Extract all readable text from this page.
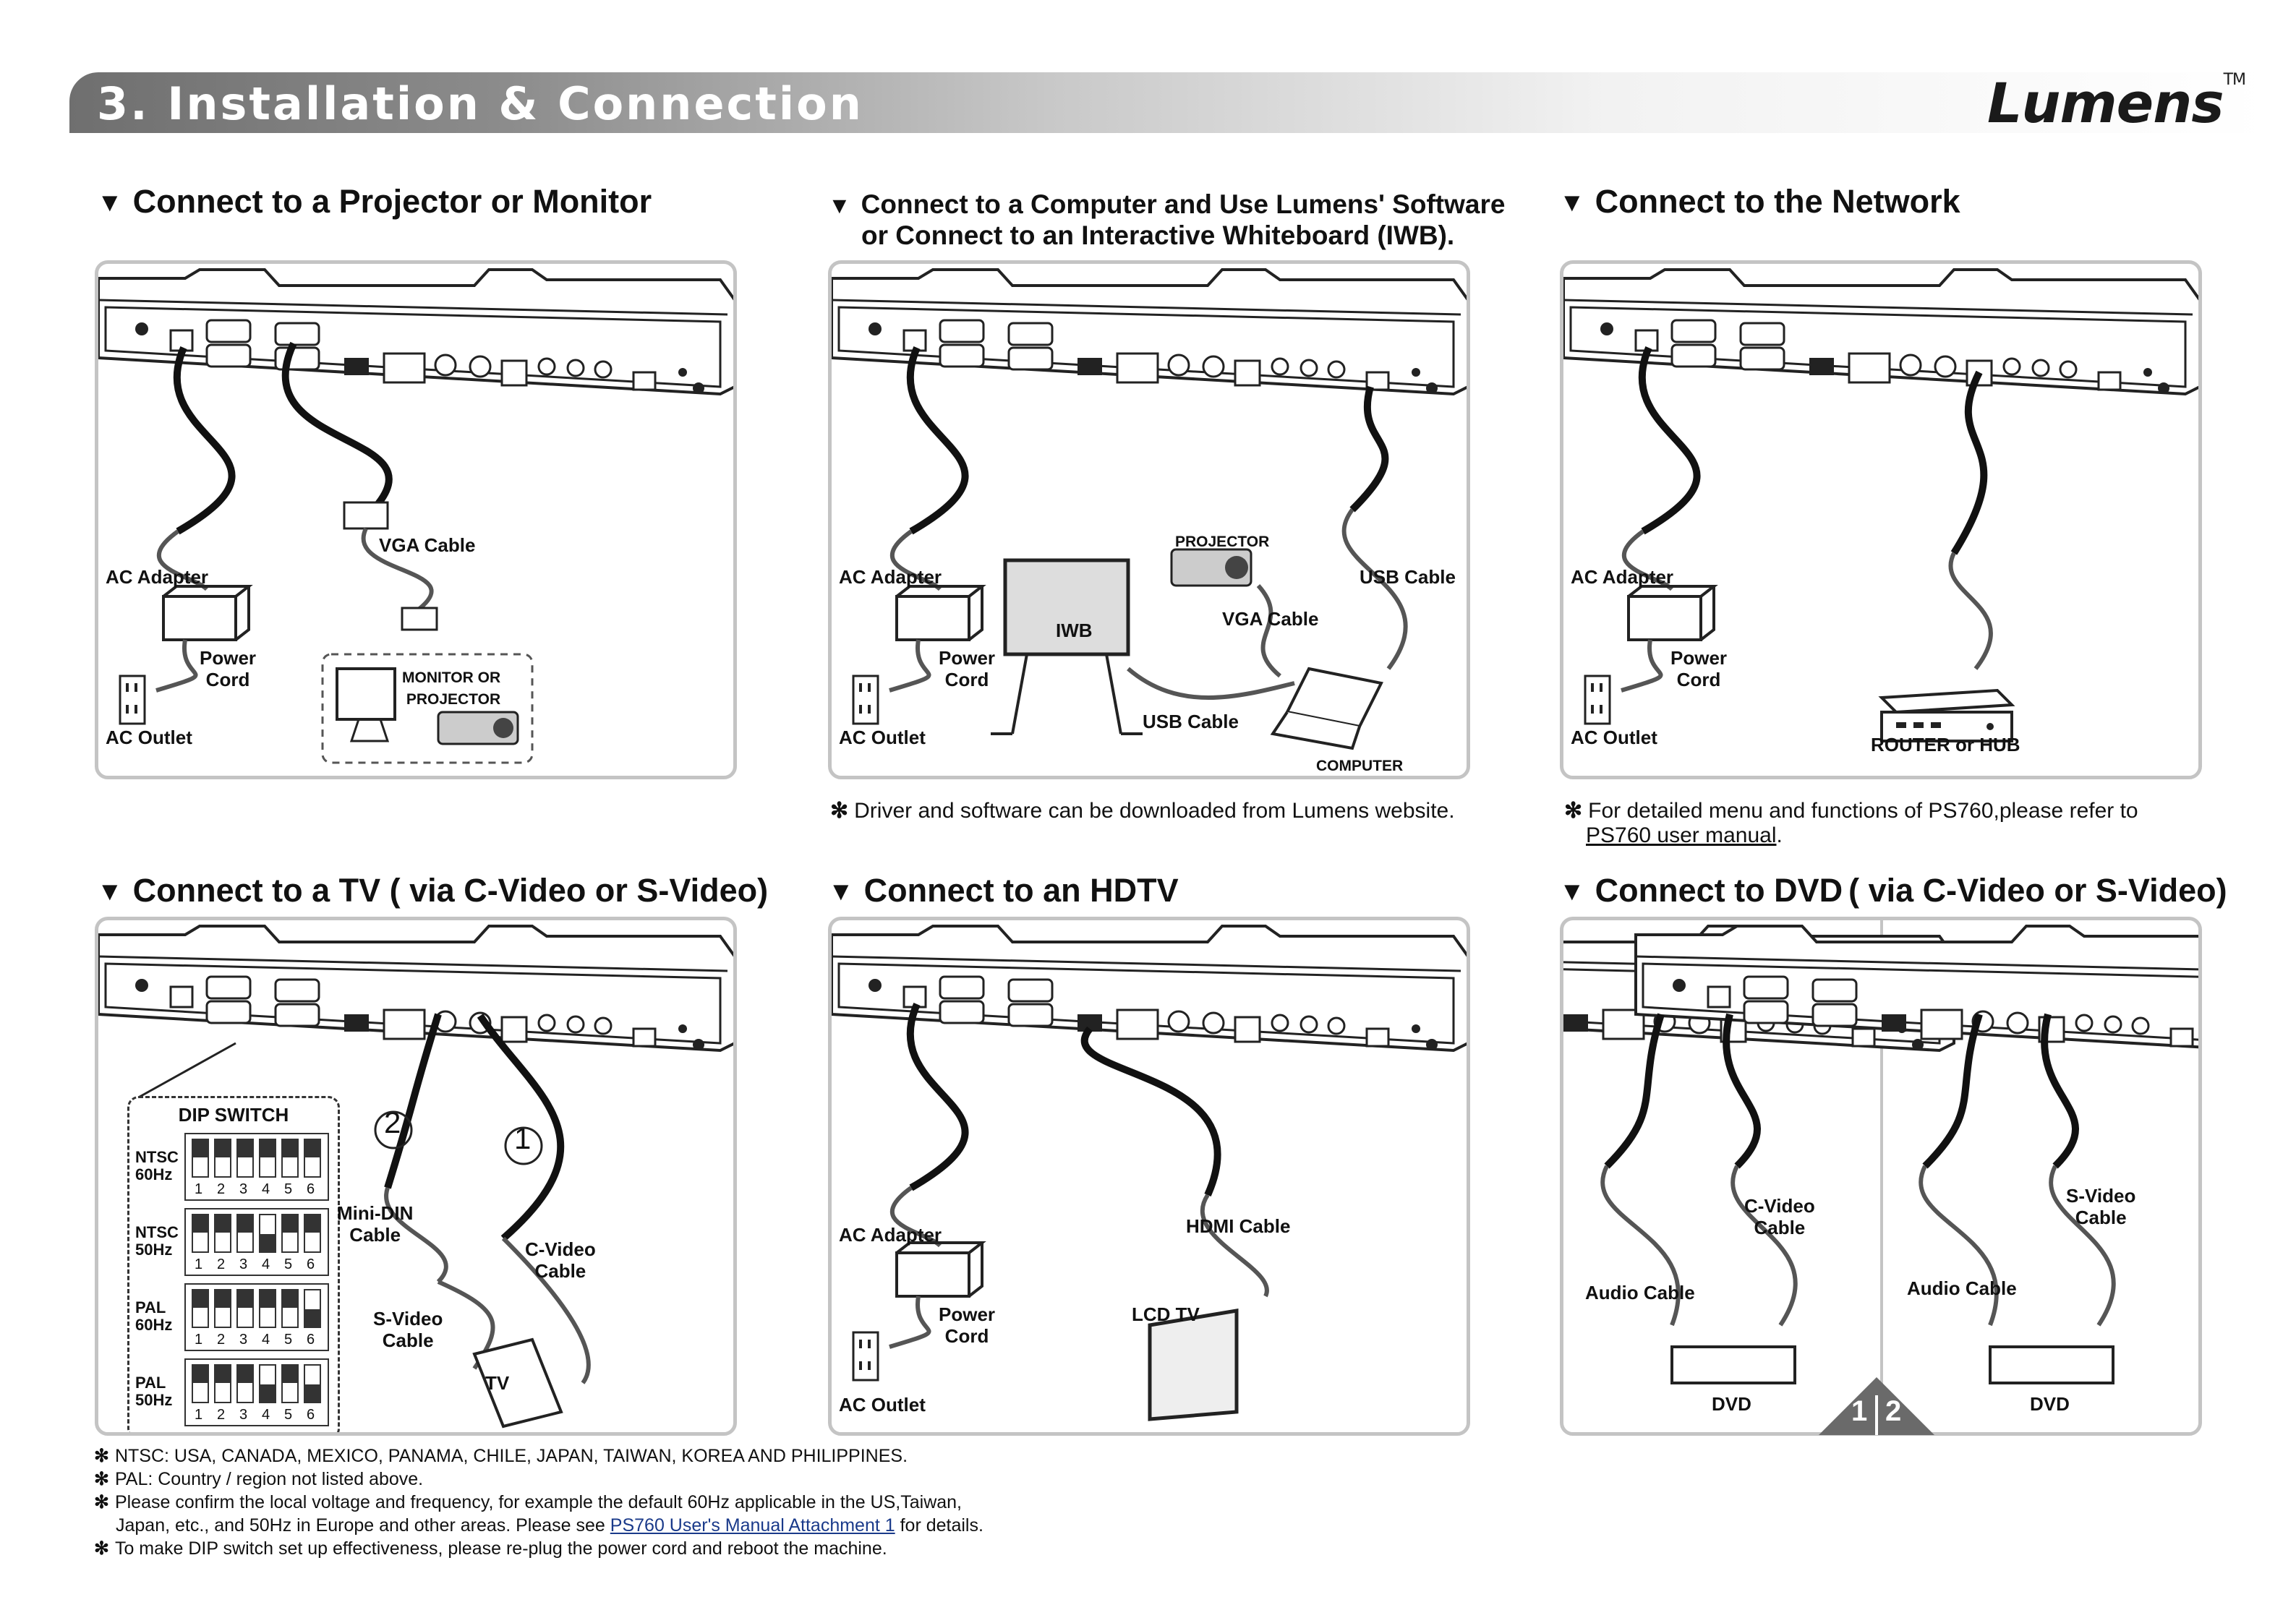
3. Installation & Connection	Lumens™
▼ Connect to a Projector or Monitor	▼ Connect to a Computer and Use Lumens' Software
or Connect to an Interactive Whiteboard (IWB).
▼ Connect to the Network
▼ Connect to a TV ( via C-Video or S-Video) ▼ Connect to an HDTV	▼ Connect to DVD ( via C-Video or S-Video)
VGA Cable
AC Adapter
Power
Cord
AC Outlet
MONITOR OR
PROJECTOR
PROJECTOR
AC Adapter	USB Cable
IWB
VGA Cable
Power
Cord
AC Outlet
USB Cable
COMPUTER
AC Adapter
Power
Cord
AC Outlet	ROUTER or HUB
✻ Driver and software can be downloaded from Lumens website.	✻ For detailed menu and functions of PS760,please refer to
PS760 user manual.
DIP SWITCH
NTSC
60Hz
1 2 3 4 5 6
NTSC
50Hz
1 2 3 4 5 6
PAL
60Hz
1 2 3 4 5 6
PAL
50Hz
1 2 3 4 5 6
2	1
Mini-DIN
Cable
C-Video
Cable
S-Video
Cable
TV
AC Adapter	HDMI Cable
Power
Cord
LCD TV
AC Outlet
C-Video
Cable
S-Video
Cable
Audio Cable	Audio Cable
DVD	DVD
1 2
✻ NTSC: USA, CANADA, MEXICO, PANAMA, CHILE, JAPAN, TAIWAN, KOREA AND PHILIPPINES.
✻ PAL: Country / region not listed above.
✻ Please confirm the local voltage and frequency, for example the default 60Hz applicable in the US,Taiwan,
Japan, etc., and 50Hz in Europe and other areas. Please see PS760 User's Manual Attachment 1 for details.
✻ To make DIP switch set up effectiveness, please re-plug the power cord and reboot the machine.
